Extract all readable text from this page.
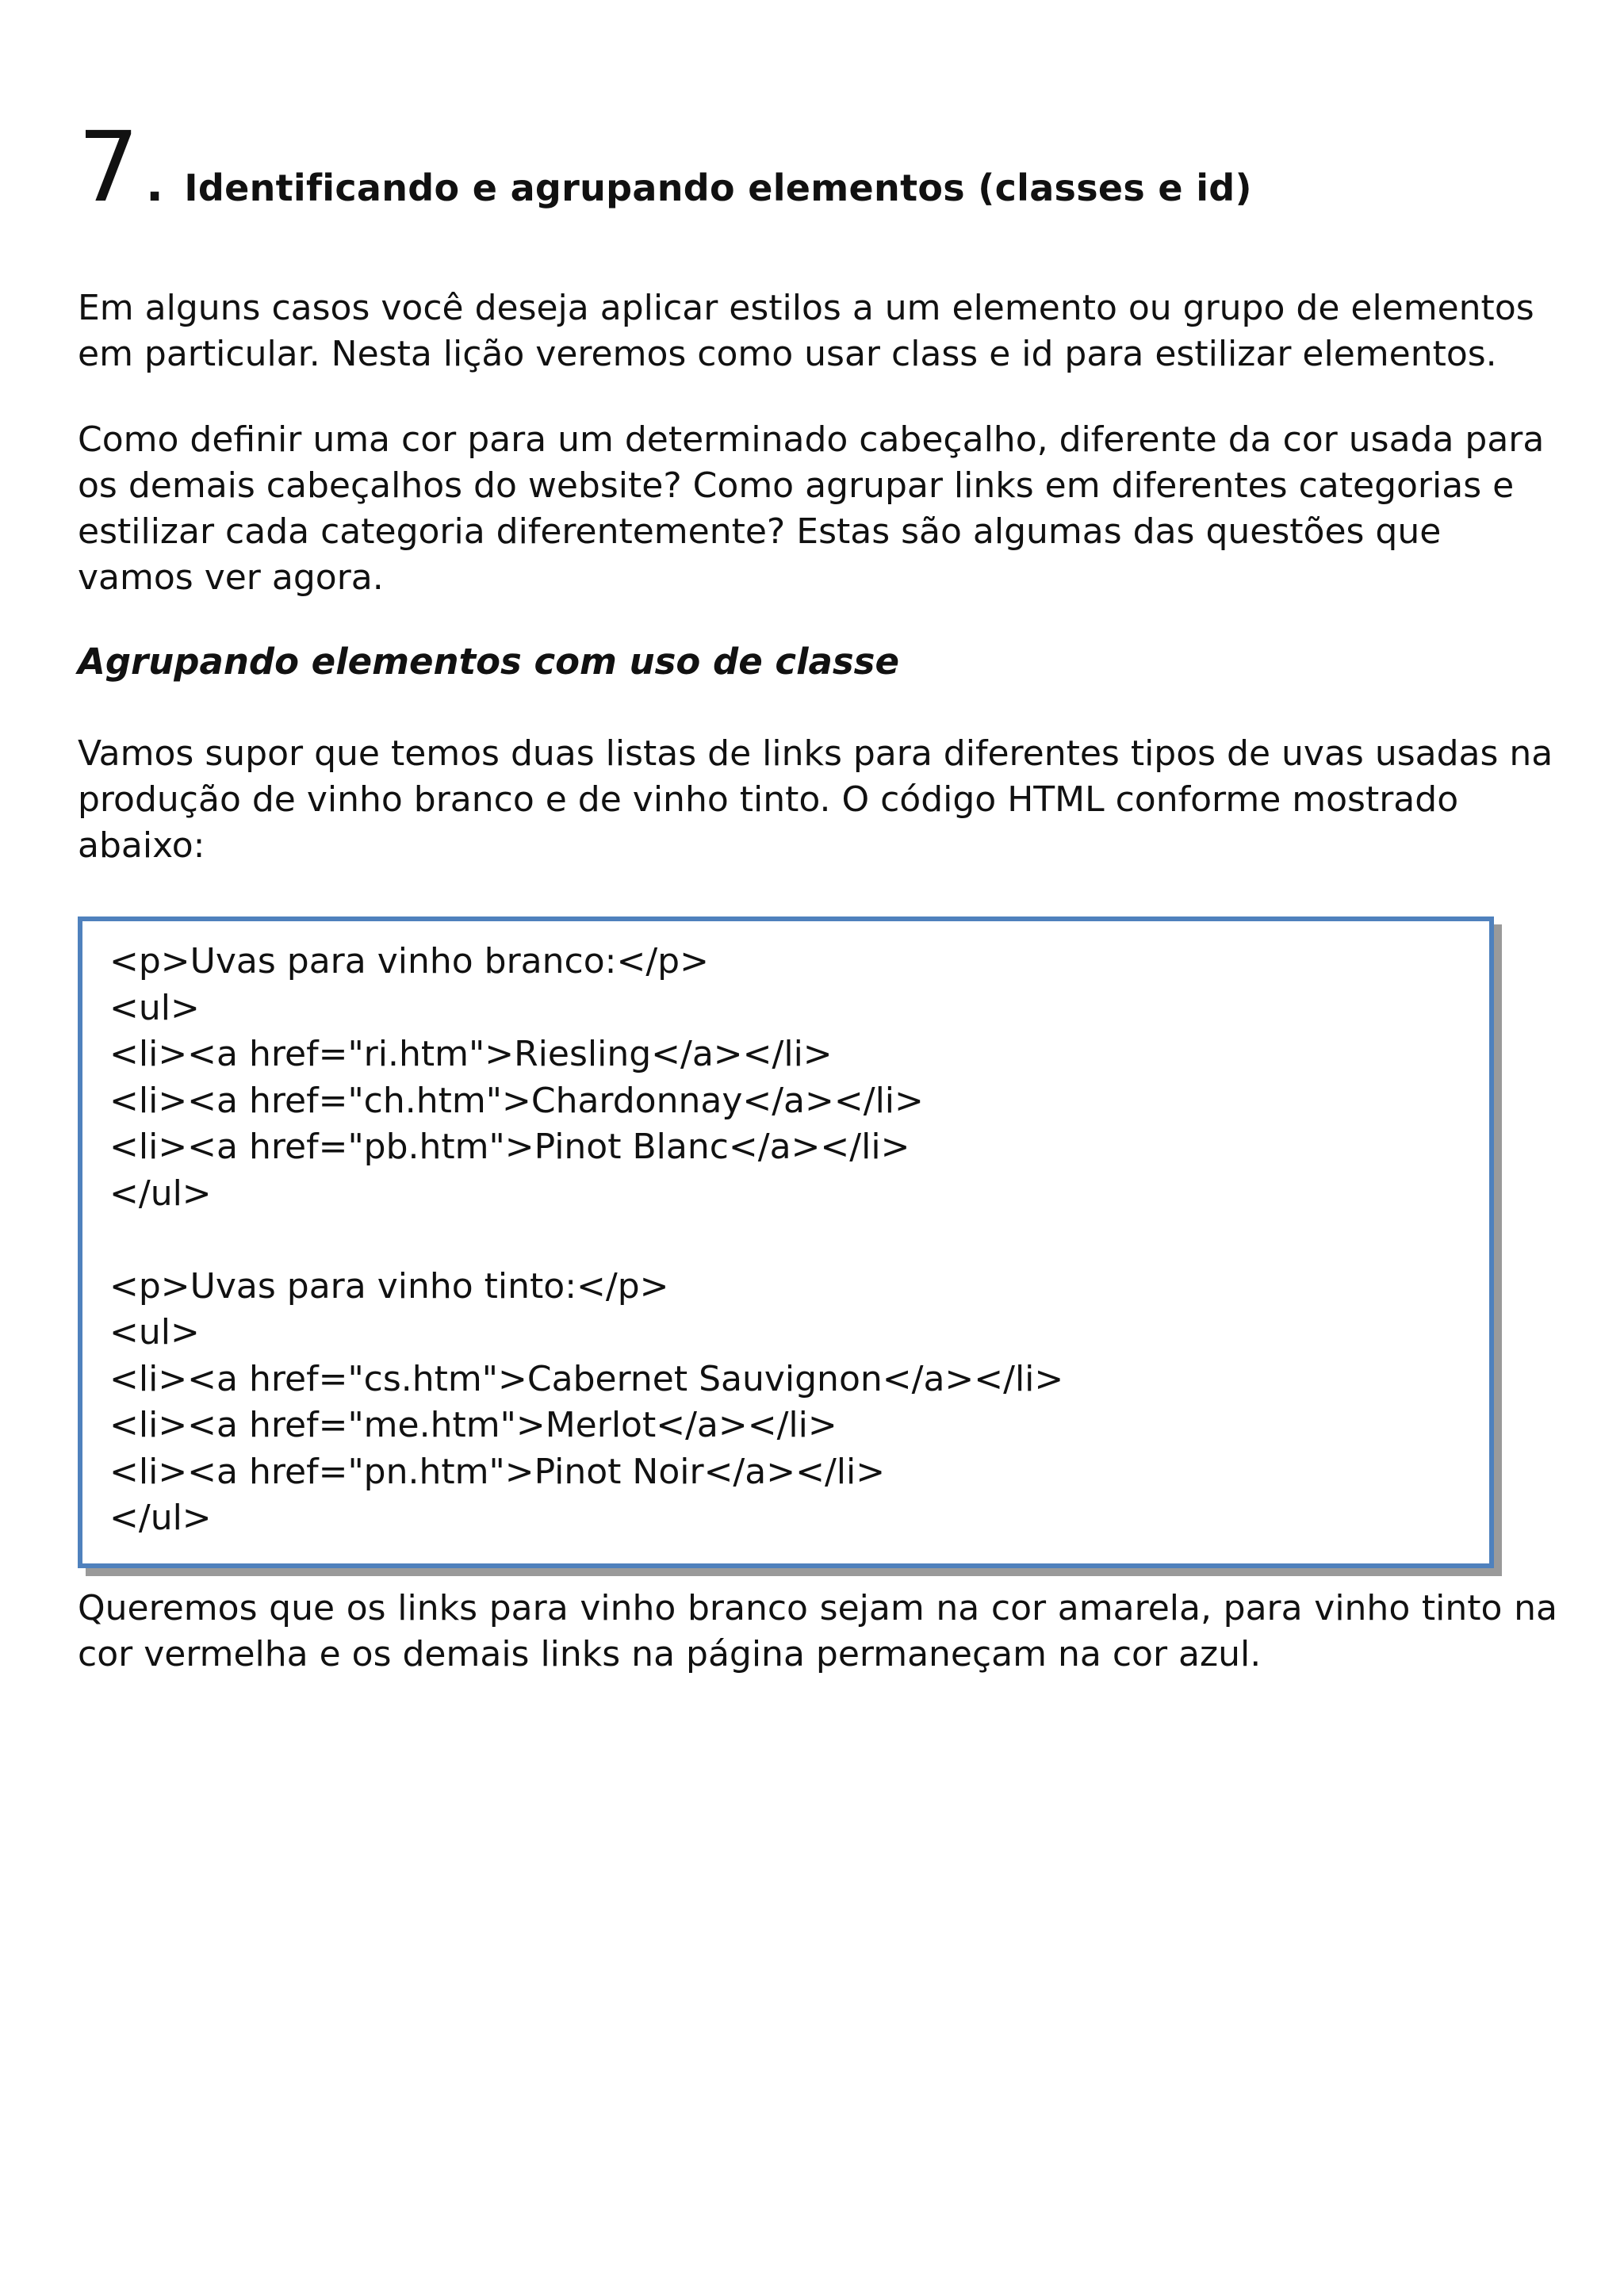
7 . Identificando e agrupando elementos (classes e id)

Em alguns casos você deseja aplicar estilos a um elemento ou grupo de elementos em particular. Nesta lição veremos como usar class e id para estilizar elementos.

Como definir uma cor para um determinado cabeçalho, diferente da cor usada para os demais cabeçalhos do website? Como agrupar links em diferentes categorias e estilizar cada categoria diferentemente? Estas são algumas das questões que vamos ver agora.

Agrupando elementos com uso de classe

Vamos supor que temos duas listas de links para diferentes tipos de uvas usadas na produção de vinho branco e de vinho tinto. O código HTML conforme mostrado abaixo:

<p>Uvas para vinho branco:</p>
<ul>
<li><a href="ri.htm">Riesling</a></li>
<li><a href="ch.htm">Chardonnay</a></li>
<li><a href="pb.htm">Pinot Blanc</a></li>
</ul>
<p>Uvas para vinho tinto:</p>
<ul>
<li><a href="cs.htm">Cabernet Sauvignon</a></li>
<li><a href="me.htm">Merlot</a></li>
<li><a href="pn.htm">Pinot Noir</a></li>
</ul>

Queremos que os links para vinho branco sejam na cor amarela, para vinho tinto na cor vermelha e os demais links na página permaneçam na cor azul.
